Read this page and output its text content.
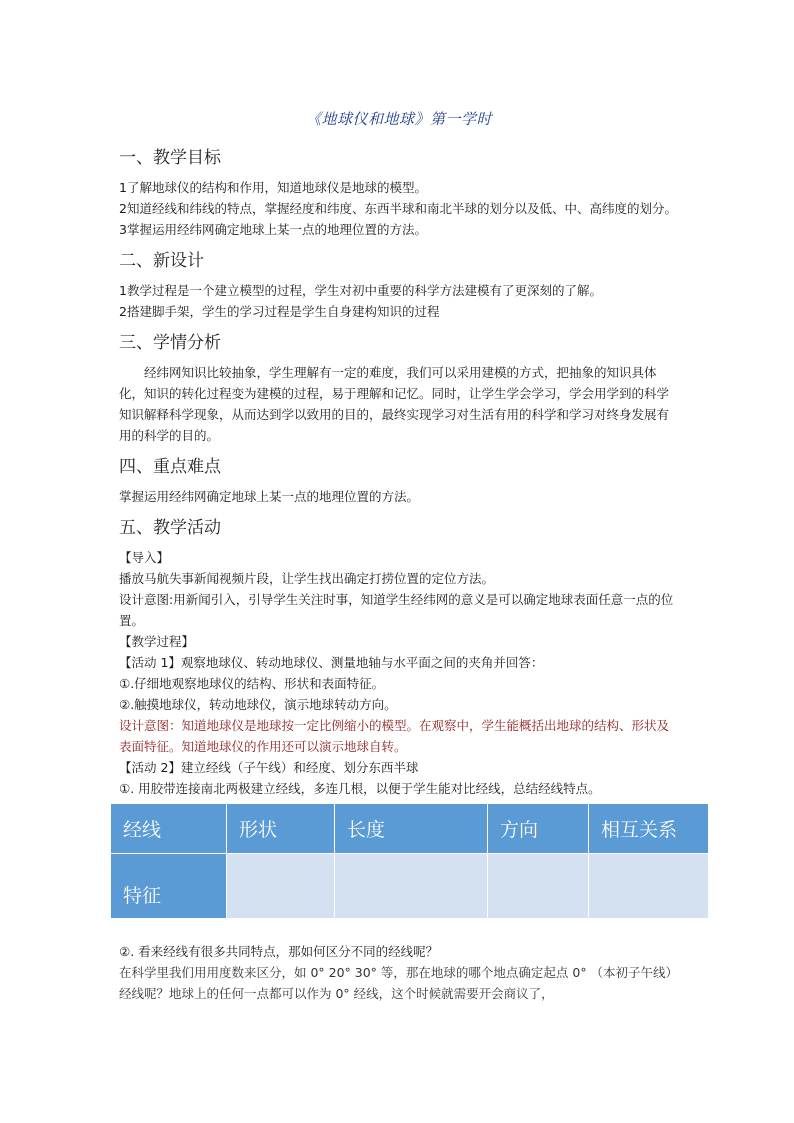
《地球仪和地球》第一学时
一、教学目标

1了解地球仪的结构和作用，知道地球仪是地球的模型。

2知道经线和纬线的特点，掌握经度和纬度、东西半球和南北半球的划分以及低、中、高纬度的划分。

3掌握运用经纬网确定地球上某一点的地理位置的方法。

二、新设计

1教学过程是一个建立模型的过程，学生对初中重要的科学方法建模有了更深刻的了解。

2搭建脚手架，学生的学习过程是学生自身建构知识的过程

三、学情分析

经纬网知识比较抽象，学生理解有一定的难度，我们可以采用建模的方式，把抽象的知识具体化，知识的转化过程变为建模的过程，易于理解和记忆。同时，让学生学会学习，学会用学到的科学知识解释科学现象，从而达到学以致用的目的，最终实现学习对生活有用的科学和学习对终身发展有用的科学的目的。

四、重点难点

掌握运用经纬网确定地球上某一点的地理位置的方法。

五、教学活动

【导入】

播放马航失事新闻视频片段，让学生找出确定打捞位置的定位方法。

设计意图:用新闻引入，引导学生关注时事，知道学生经纬网的意义是可以确定地球表面任意一点的位置。

【教学过程】

【活动 1】观察地球仪、转动地球仪、测量地轴与水平面之间的夹角并回答：

①.仔细地观察地球仪的结构、形状和表面特征。

②.触摸地球仪，转动地球仪，演示地球转动方向。

设计意图：知道地球仪是地球按一定比例缩小的模型。在观察中，学生能概括出地球的结构、形状及表面特征。知道地球仪的作用还可以演示地球自转。

【活动 2】建立经线（子午线）和经度、划分东西半球

①. 用胶带连接南北两极建立经线，多连几根，以便于学生能对比经线，总结经线特点。

经线	形状	长度	方向	相互关系
特征				

②. 看来经线有很多共同特点，那如何区分不同的经线呢？

在科学里我们用用度数来区分，如 0° 20° 30° 等，那在地球的哪个地点确定起点 0° （本初子午线）经线呢？地球上的任何一点都可以作为 0° 经线，这个时候就需要开会商议了，
